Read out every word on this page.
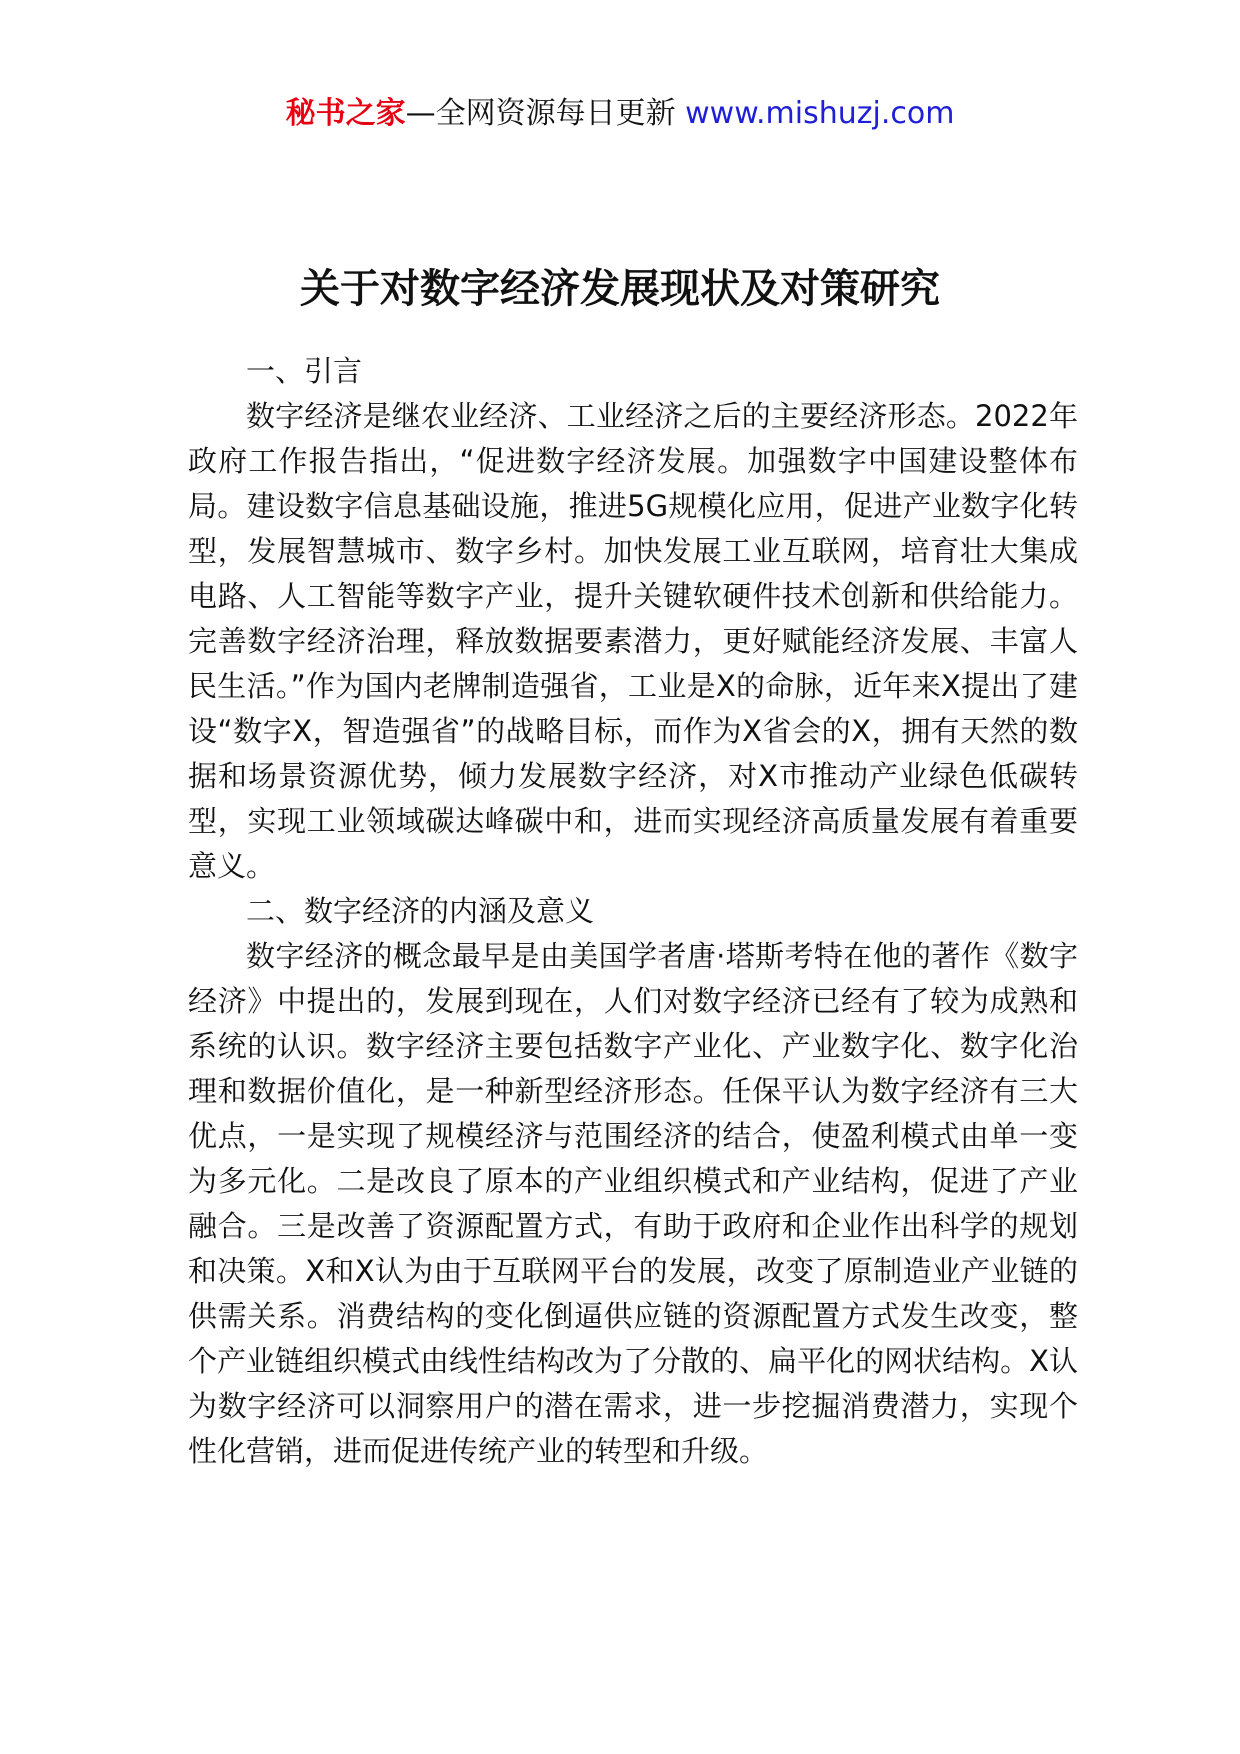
秘书之家—全网资源每日更新 www.mishuzj.com
关于对数字经济发展现状及对策研究

一、引言

数字经济是继农业经济、工业经济之后的主要经济形态。2022年政府工作报告指出，“促进数字经济发展。加强数字中国建设整体布局。建设数字信息基础设施，推进5G规模化应用，促进产业数字化转型，发展智慧城市、数字乡村。加快发展工业互联网，培育壮大集成电路、人工智能等数字产业，提升关键软硬件技术创新和供给能力。完善数字经济治理，释放数据要素潜力，更好赋能经济发展、丰富人民生活。”作为国内老牌制造强省，工业是X的命脉，近年来X提出了建设“数字X，智造强省”的战略目标，而作为X省会的X，拥有天然的数据和场景资源优势，倾力发展数字经济，对X市推动产业绿色低碳转型，实现工业领域碳达峰碳中和，进而实现经济高质量发展有着重要意义。

二、数字经济的内涵及意义

数字经济的概念最早是由美国学者唐·塔斯考特在他的著作《数字经济》中提出的，发展到现在，人们对数字经济已经有了较为成熟和系统的认识。数字经济主要包括数字产业化、产业数字化、数字化治理和数据价值化，是一种新型经济形态。任保平认为数字经济有三大优点，一是实现了规模经济与范围经济的结合，使盈利模式由单一变为多元化。二是改良了原本的产业组织模式和产业结构，促进了产业融合。三是改善了资源配置方式，有助于政府和企业作出科学的规划和决策。X和X认为由于互联网平台的发展，改变了原制造业产业链的供需关系。消费结构的变化倒逼供应链的资源配置方式发生改变，整个产业链组织模式由线性结构改为了分散的、扁平化的网状结构。X认为数字经济可以洞察用户的潜在需求，进一步挖掘消费潜力，实现个性化营销，进而促进传统产业的转型和升级。
